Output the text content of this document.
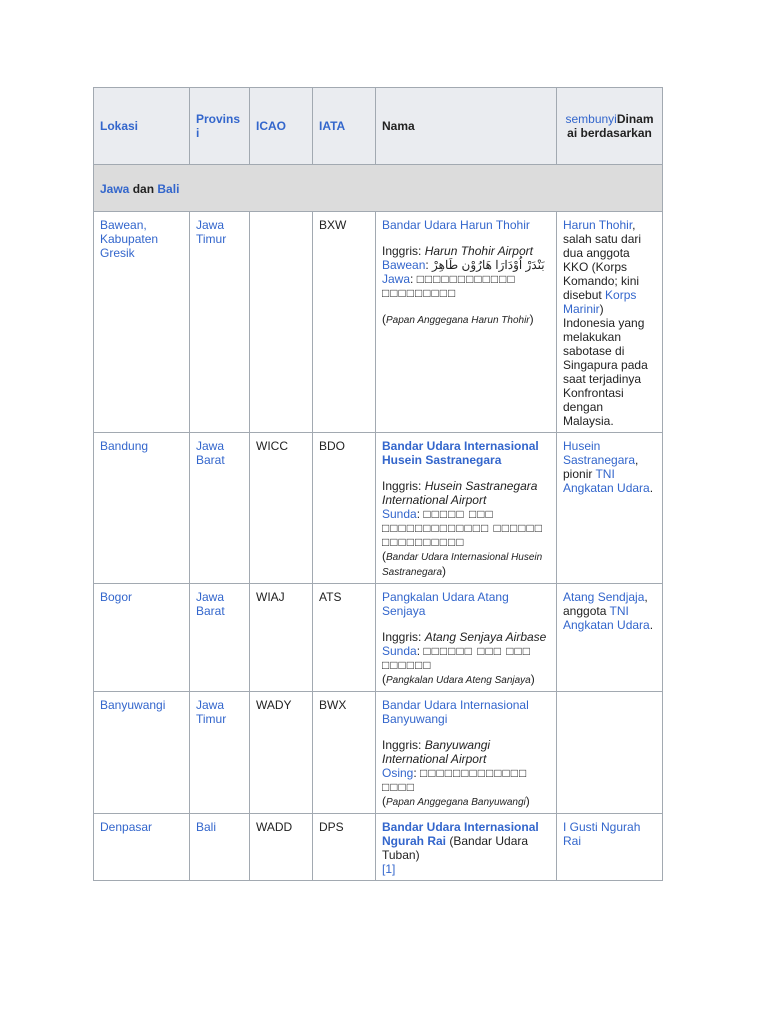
Lokasi	Provinsi	ICAO	IATA	Nama	sembunyiDinamai berdasarkan
Jawa dan Bali					
Bawean, Kabupaten Gresik	Jawa Timur		BXW	Bandar Udara Harun Thohir
Inggris: Harun Thohir Airport
Bawean: بَنْدَرْ اُوْدَارَا هَارُوْن طَاهِرْ
Jawa: □□□□□□□□□□□□ □□□□□□□□□
(Papan Anggegana Harun Thohir)	Harun Thohir, salah satu dari dua anggota KKO (Korps Komando; kini disebut Korps Marinir) Indonesia yang melakukan sabotase di Singapura pada saat terjadinya Konfrontasi dengan Malaysia.
Bandung	Jawa Barat	WICC	BDO	Bandar Udara Internasional Husein Sastranegara
Inggris: Husein Sastranegara International Airport
Sunda: □□□□□ □□□ □□□□□□□□□□□□□ □□□□□□ □□□□□□□□□□
(Bandar Udara Internasional Husein Sastranegara)	Husein Sastranegara, pionir TNI Angkatan Udara.
Bogor	Jawa Barat	WIAJ	ATS	Pangkalan Udara Atang Senjaya
Inggris: Atang Senjaya Airbase
Sunda: □□□□□□ □□□ □□□ □□□□□□
(Pangkalan Udara Ateng Sanjaya)	Atang Sendjaja, anggota TNI Angkatan Udara.
Banyuwangi	Jawa Timur	WADY	BWX	Bandar Udara Internasional Banyuwangi
Inggris: Banyuwangi International Airport
Osing: □□□□□□□□□□□□□ □□□□
(Papan Anggegana Banyuwangi)	

Denpasar	Bali	WADD	DPS	Bandar Udara Internasional Ngurah Rai (Bandar Udara Tuban)
[1]	I Gusti Ngurah Rai
